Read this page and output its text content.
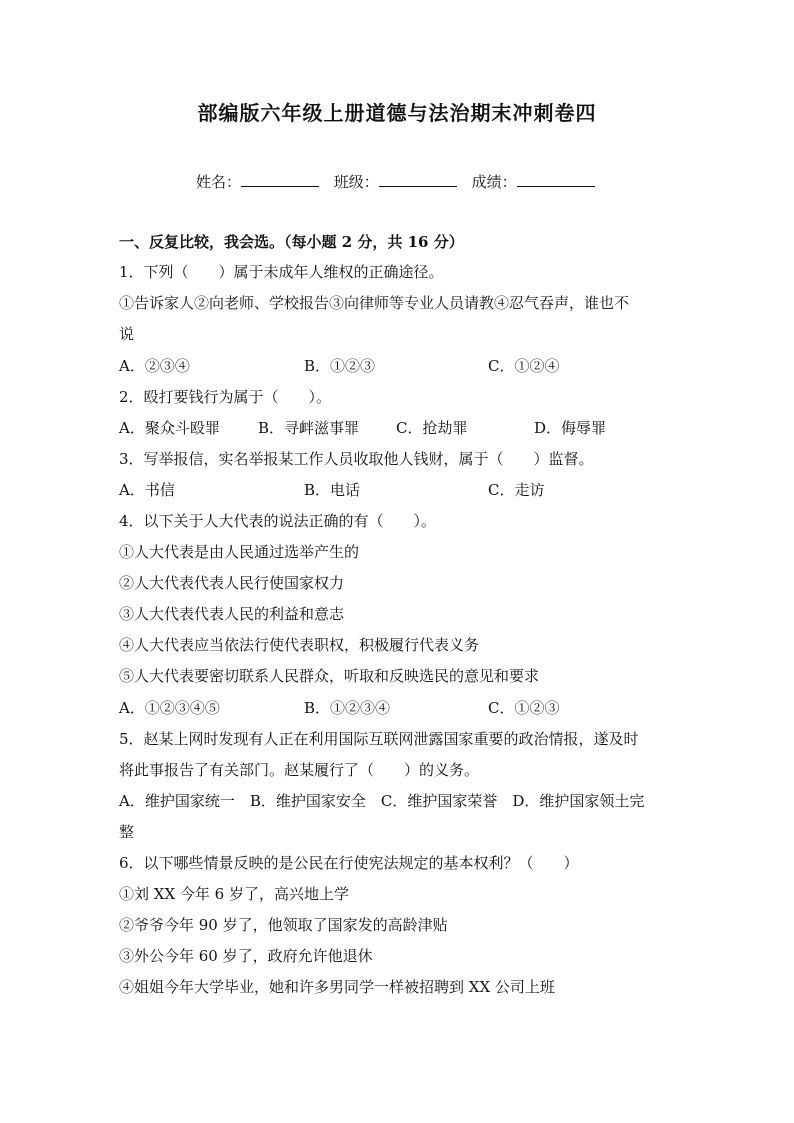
部编版六年级上册道德与法治期末冲刺卷四
姓名：	班级：	成绩：
一、反复比较，我会选。（每小题 2 分，共 16 分）
1．下列（　　）属于未成年人维权的正确途径。
①告诉家人②向老师、学校报告③向律师等专业人员请教④忍气吞声，谁也不
说
A．②③④	B．①②③	C．①②④
2．殴打要钱行为属于（　　）。
A．聚众斗殴罪	B．寻衅滋事罪 C．抢劫罪	D．侮辱罪
3．写举报信，实名举报某工作人员收取他人钱财，属于（　　）监督。
A．书信	B．电话	C．走访
4．以下关于人大代表的说法正确的有（　　）。
①人大代表是由人民通过选举产生的
②人大代表代表人民行使国家权力
③人大代表代表人民的利益和意志
④人大代表应当依法行使代表职权，积极履行代表义务
⑤人大代表要密切联系人民群众，听取和反映选民的意见和要求
A．①②③④⑤	B．①②③④	C．①②③
5．赵某上网时发现有人正在利用国际互联网泄露国家重要的政治情报，遂及时
将此事报告了有关部门。赵某履行了（　　）的义务。
A．维护国家统一　B．维护国家安全　C．维护国家荣誉　D．维护国家领土完
整
6．以下哪些情景反映的是公民在行使宪法规定的基本权利？（　　）
①刘 XX 今年 6 岁了，高兴地上学
②爷爷今年 90 岁了，他领取了国家发的高龄津贴
③外公今年 60 岁了，政府允许他退休
④姐姐今年大学毕业，她和许多男同学一样被招聘到 XX 公司上班
